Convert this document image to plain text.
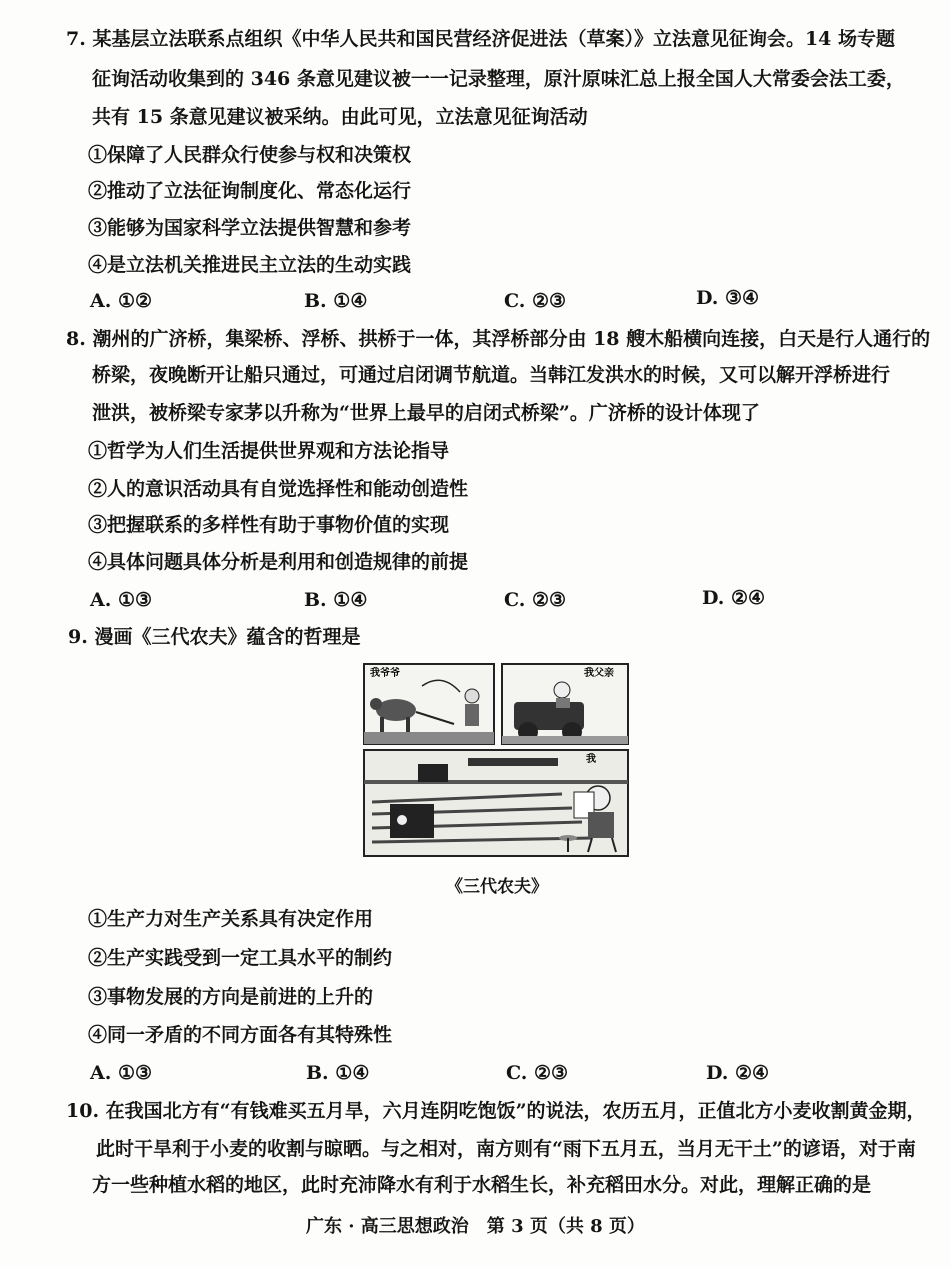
7. 某基层立法联系点组织《中华人民共和国民营经济促进法（草案）》立法意见征询会。14 场专题
征询活动收集到的 346 条意见建议被一一记录整理，原汁原味汇总上报全国人大常委会法工委，
共有 15 条意见建议被采纳。由此可见，立法意见征询活动
①保障了人民群众行使参与权和决策权
②推动了立法征询制度化、常态化运行
③能够为国家科学立法提供智慧和参考
④是立法机关推进民主立法的生动实践
A. ①②	B. ①④	C. ②③	D. ③④
8. 潮州的广济桥，集梁桥、浮桥、拱桥于一体，其浮桥部分由 18 艘木船横向连接，白天是行人通行的
桥梁，夜晚断开让船只通过，可通过启闭调节航道。当韩江发洪水的时候，又可以解开浮桥进行
泄洪，被桥梁专家茅以升称为“世界上最早的启闭式桥梁”。广济桥的设计体现了
①哲学为人们生活提供世界观和方法论指导
②人的意识活动具有自觉选择性和能动创造性
③把握联系的多样性有助于事物价值的实现
④具体问题具体分析是利用和创造规律的前提
A. ①③	B. ①④	C. ②③	D. ②④
9. 漫画《三代农夫》蕴含的哲理是
我爷爷	我父亲
我
《三代农夫》
①生产力对生产关系具有决定作用
②生产实践受到一定工具水平的制约
③事物发展的方向是前进的上升的
④同一矛盾的不同方面各有其特殊性
A. ①③	B. ①④	C. ②③	D. ②④
10. 在我国北方有“有钱难买五月旱，六月连阴吃饱饭”的说法，农历五月，正值北方小麦收割黄金期，
此时干旱利于小麦的收割与晾晒。与之相对，南方则有“雨下五月五，当月无干土”的谚语，对于南
方一些种植水稻的地区，此时充沛降水有利于水稻生长，补充稻田水分。对此，理解正确的是
广东 · 高三思想政治　第 3 页（共 8 页）
